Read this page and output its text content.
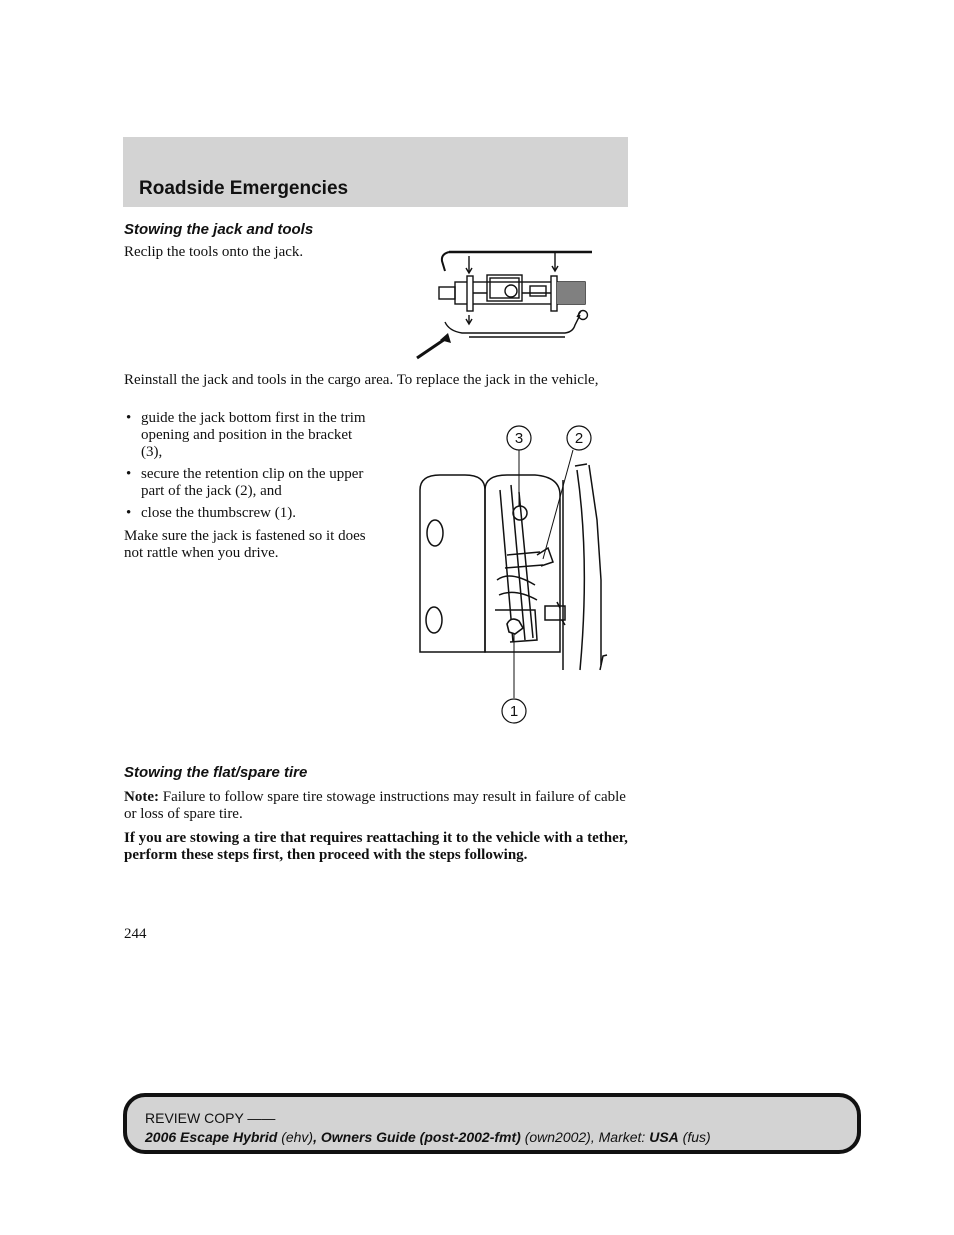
Roadside Emergencies
Stowing the jack and tools
Reclip the tools onto the jack.
Reinstall the jack and tools in the cargo area. To replace the jack in the vehicle,
• guide the jack bottom first in the trim opening and position in the bracket (3),
• secure the retention clip on the upper part of the jack (2), and
• close the thumbscrew (1).
Make sure the jack is fastened so it does not rattle when you drive.
3	2
1
Stowing the flat/spare tire
Note: Failure to follow spare tire stowage instructions may result in failure of cable or loss of spare tire.
If you are stowing a tire that requires reattaching it to the vehicle with a tether, perform these steps first, then proceed with the steps following.
244
REVIEW COPY ——
2006 Escape Hybrid (ehv), Owners Guide (post-2002-fmt) (own2002), Market: USA (fus)
